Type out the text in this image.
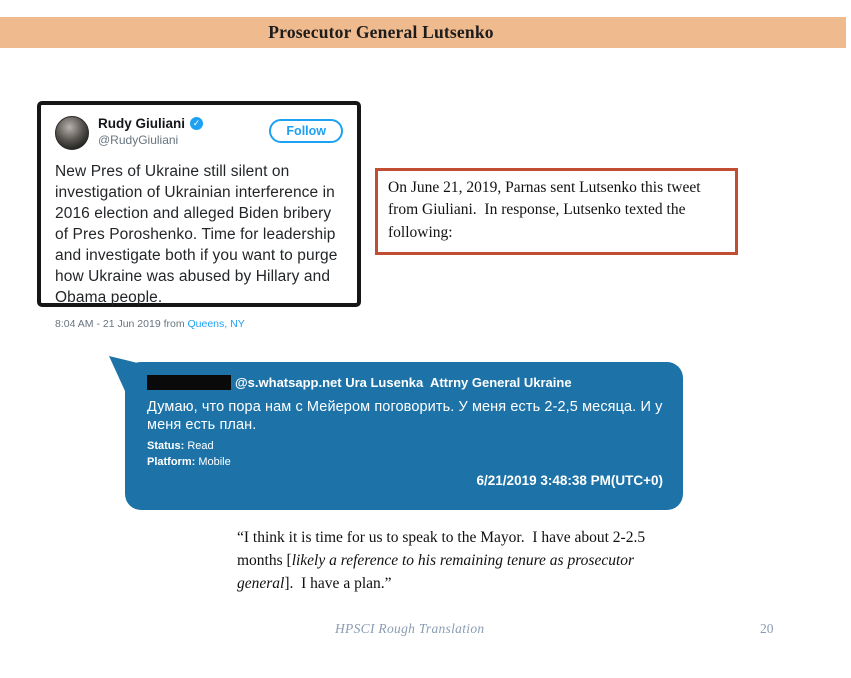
Prosecutor General Lutsenko
Rudy Giuliani ✓
@RudyGiuliani
Follow
New Pres of Ukraine still silent on investigation of Ukrainian interference in 2016 election and alleged Biden bribery of Pres Poroshenko. Time for leadership and investigate both if you want to purge how Ukraine was abused by Hillary and Obama people.
8:04 AM - 21 Jun 2019 from Queens, NY
On June 21, 2019, Parnas sent Lutsenko this tweet from Giuliani.  In response, Lutsenko texted the following:
@s.whatsapp.net Ura Lusenka  Attrny General Ukraine
Думаю, что пора нам с Мейером поговорить. У меня есть 2-2,5 месяца. И у меня есть план.
Status: Read
Platform: Mobile
6/21/2019 3:48:38 PM(UTC+0)
“I think it is time for us to speak to the Mayor.  I have about 2-2.5 months [likely a reference to his remaining tenure as prosecutor general].  I have a plan.”
HPSCI Rough Translation	20
